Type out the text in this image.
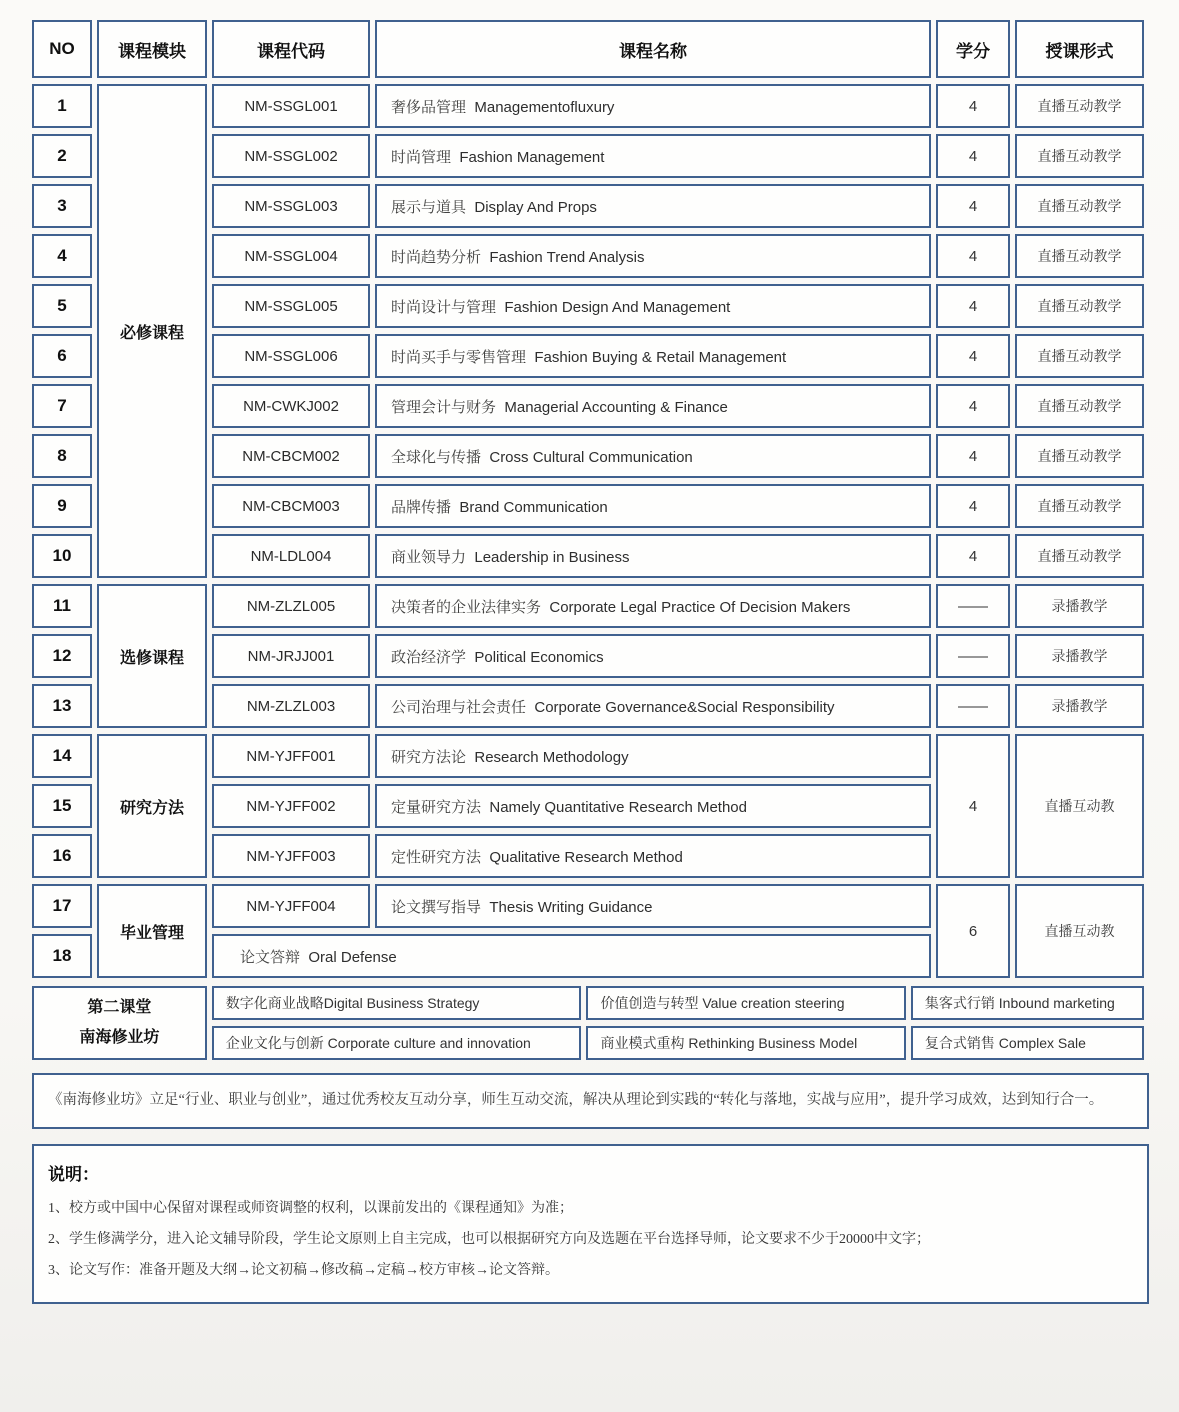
NO	课程模块	课程代码	课程名称	学分	授课形式
1	必修课程	NM-SSGL001	奢侈品管理 Managementofluxury	4	直播互动教学
2		NM-SSGL002	时尚管理 Fashion Management	4	直播互动教学
3		NM-SSGL003	展示与道具 Display And Props	4	直播互动教学
4		NM-SSGL004	时尚趋势分析 Fashion Trend Analysis	4	直播互动教学
5		NM-SSGL005	时尚设计与管理 Fashion Design And Management	4	直播互动教学
6		NM-SSGL006	时尚买手与零售管理 Fashion Buying & Retail Management	4	直播互动教学
7		NM-CWKJ002	管理会计与财务 Managerial Accounting & Finance	4	直播互动教学
8		NM-CBCM002	全球化与传播 Cross Cultural Communication	4	直播互动教学
9		NM-CBCM003	品牌传播 Brand Communication	4	直播互动教学
10		NM-LDL004	商业领导力 Leadership in Business	4	直播互动教学
11	选修课程	NM-ZLZL005	决策者的企业法律实务 Corporate Legal Practice Of Decision Makers	——	录播教学
12		NM-JRJJ001	政治经济学 Political Economics	——	录播教学
13		NM-ZLZL003	公司治理与社会责任 Corporate Governance&Social Responsibility	——	录播教学
14	研究方法	NM-YJFF001	研究方法论 Research Methodology	4	直播互动教
15		NM-YJFF002	定量研究方法 Namely Quantitative Research Method		
16		NM-YJFF003	定性研究方法 Qualitative Research Method		
17	毕业管理	NM-YJFF004	论文撰写指导 Thesis Writing Guidance	6	直播互动教
18		论文答辩 Oral Defense			
第二课堂
南海修业坊	数字化商业战略Digital Business Strategy	价值创造与转型 Value creation steering	集客式行销 Inbound marketing
	企业文化与创新 Corporate culture and innovation	商业模式重构 Rethinking Business Model	复合式销售 Complex Sale
《南海修业坊》立足“行业、职业与创业”，通过优秀校友互动分享，师生互动交流，解决从理论到实践的“转化与落地，实战与应用”，提升学习成效，达到知行合一。
说明：
1、校方或中国中心保留对课程或师资调整的权利，以课前发出的《课程通知》为准；
2、学生修满学分，进入论文辅导阶段，学生论文原则上自主完成，也可以根据研究方向及选题在平台选择导师，论文要求不少于20000中文字；
3、论文写作：准备开题及大纲→论文初稿→修改稿→定稿→校方审核→论文答辩。
